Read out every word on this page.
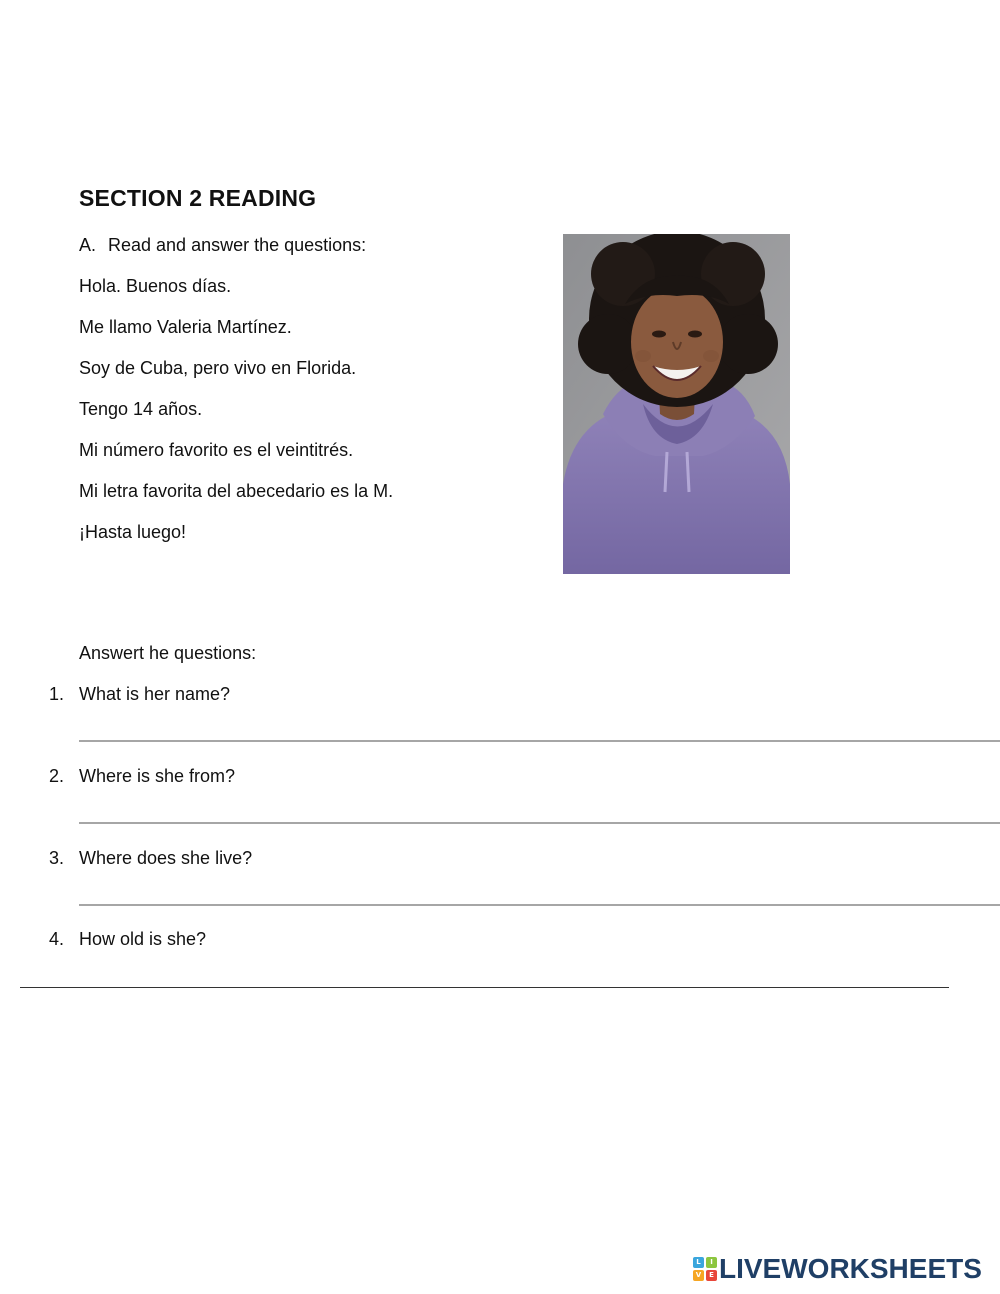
SECTION 2 READING
A. Read and answer the questions:
Hola. Buenos días.
Me llamo Valeria Martínez.
Soy de Cuba, pero vivo en Florida.
Tengo 14 años.
Mi número favorito es el veintitrés.
Mi letra favorita del abecedario es la M.
¡Hasta luego!
Answert he questions:
1. What is her name?
2. Where is she from?
3. Where does she live?
4. How old is she?
L	I
V	E LIVEWORKSHEETS
